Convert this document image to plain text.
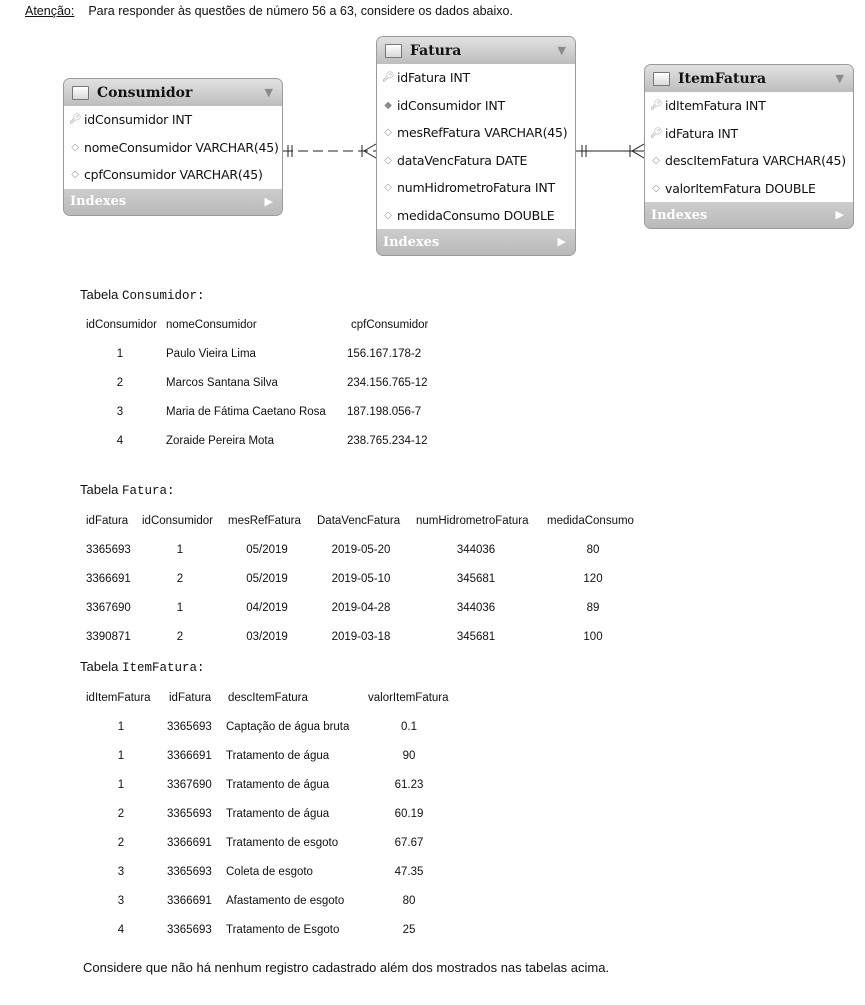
Atenção: Para responder às questões de número 56 a 63, considere os dados abaixo.
Consumidor	▼
🔑︎ idConsumidor INT
◇ nomeConsumidor VARCHAR(45)
◇ cpfConsumidor VARCHAR(45)
Indexes	▶
Fatura	▼
🔑︎ idFatura INT
◆ idConsumidor INT
◇ mesRefFatura VARCHAR(45)
◇ dataVencFatura DATE
◇ numHidrometroFatura INT
◇ medidaConsumo DOUBLE
Indexes	▶
ItemFatura	▼
🔑︎ idItemFatura INT
🔑︎ idFatura INT
◇ descItemFatura VARCHAR(45)
◇ valorItemFatura DOUBLE
Indexes	▶
Tabela Consumidor:
Tabela Fatura:
Tabela ItemFatura:
idConsumidor nomeConsumidor	cpfConsumidor
1	Paulo Vieira Lima	156.167.178-2
2	Marcos Santana Silva	234.156.765-12
3	Maria de Fátima Caetano Rosa 187.198.056-7
4	Zoraide Pereira Mota	238.765.234-12
idFatura idConsumidor mesRefFatura DataVencFatura numHidrometroFatura medidaConsumo
3365693	1	05/2019	2019-05-20	344036	80
3366691	2	05/2019	2019-05-10	345681	120
3367690	1	04/2019	2019-04-28	344036	89
3390871	2	03/2019	2019-03-18	345681	100
idItemFatura idFatura descItemFatura	valorItemFatura
1	3365693 Captação de água bruta	0.1
1	3366691 Tratamento de água	90
1	3367690 Tratamento de água	61.23
2	3365693 Tratamento de água	60.19
2	3366691 Tratamento de esgoto	67.67
3	3365693 Coleta de esgoto	47.35
3	3366691 Afastamento de esgoto	80
4	3365693 Tratamento de Esgoto	25
Considere que não há nenhum registro cadastrado além dos mostrados nas tabelas acima.
